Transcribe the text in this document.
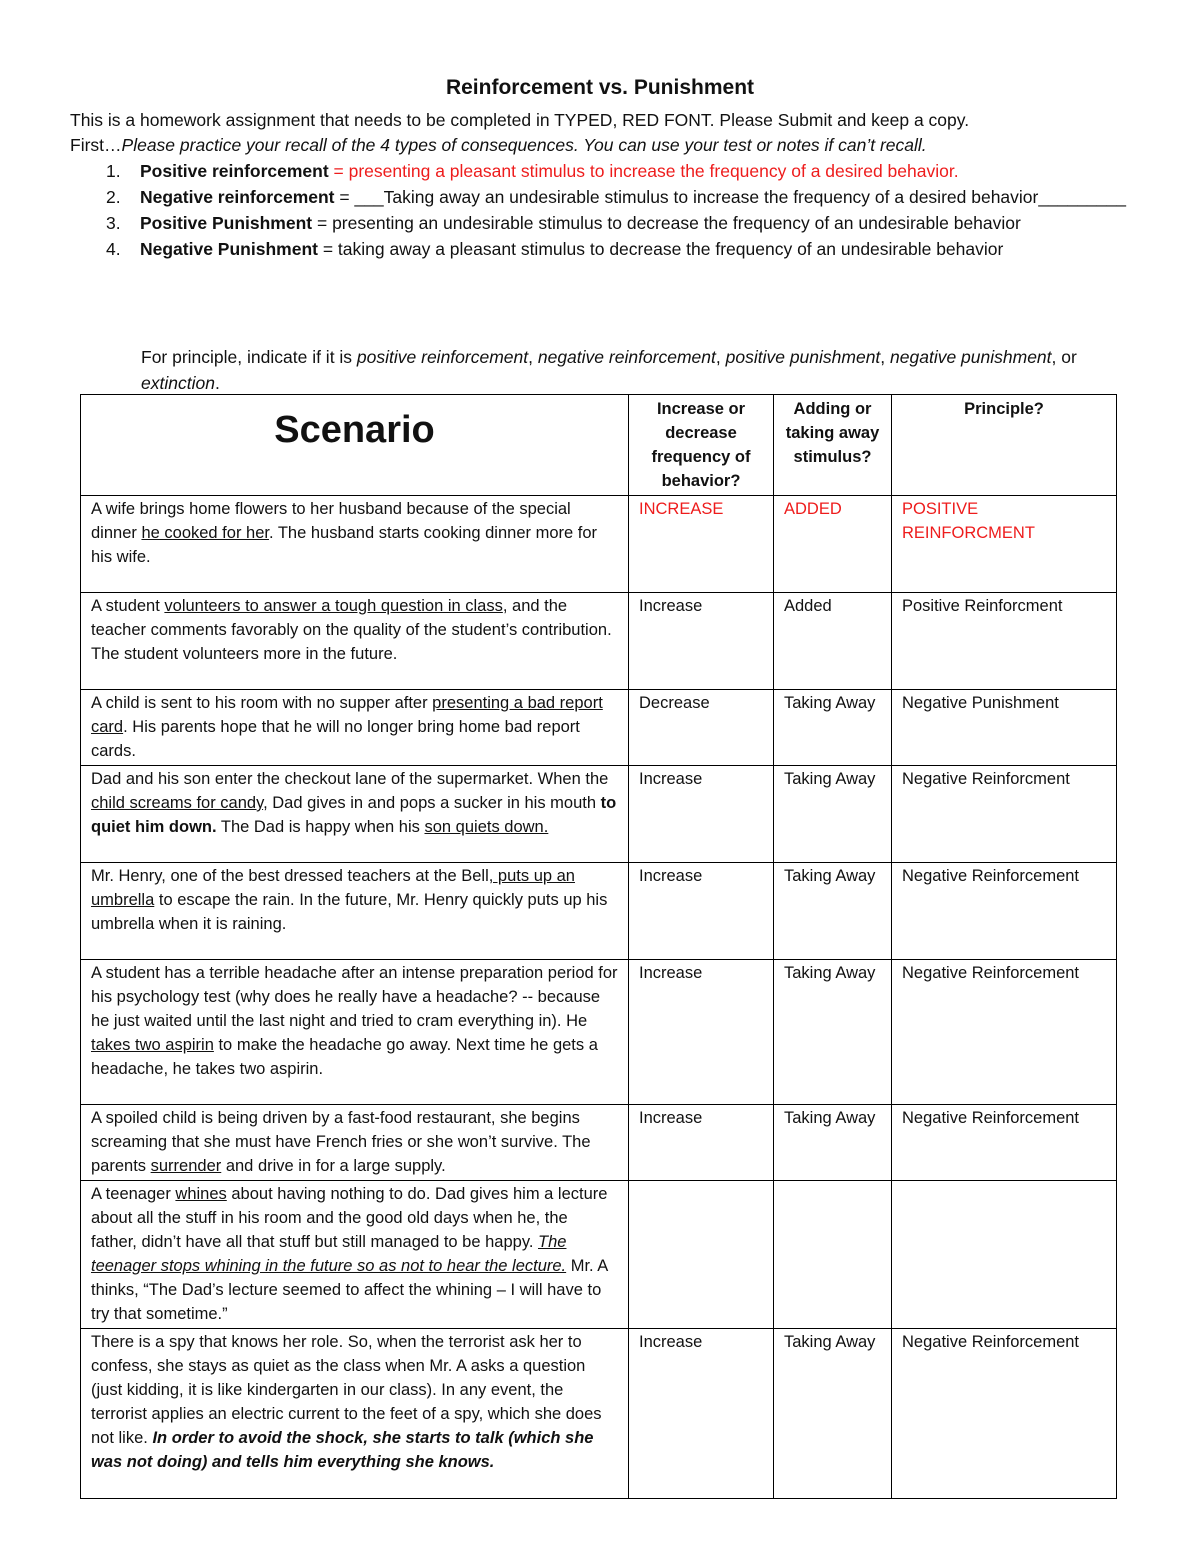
Reinforcement vs. Punishment

This is a homework assignment that needs to be completed in TYPED, RED FONT. Please Submit and keep a copy.

First…Please practice your recall of the 4 types of consequences. You can use your test or notes if can’t recall.

1. Positive reinforcement = presenting a pleasant stimulus to increase the frequency of a desired behavior.
2. Negative reinforcement = ___Taking away an undesirable stimulus to increase the frequency of a desired behavior_________
3. Positive Punishment = presenting an undesirable stimulus to decrease the frequency of an undesirable behavior
4. Negative Punishment = taking away a pleasant stimulus to decrease the frequency of an undesirable behavior

For principle, indicate if it is positive reinforcement, negative reinforcement, positive punishment, negative punishment, or extinction.

Scenario	Increase or decrease frequency of behavior?	Adding or taking away stimulus?	Principle?
A wife brings home flowers to her husband because of the special dinner he cooked for her. The husband starts cooking dinner more for his wife.	INCREASE	ADDED	POSITIVE REINFORCMENT
A student volunteers to answer a tough question in class, and the teacher comments favorably on the quality of the student’s contribution. The student volunteers more in the future.	Increase	Added	Positive Reinforcment
A child is sent to his room with no supper after presenting a bad report card. His parents hope that he will no longer bring home bad report cards.	Decrease	Taking Away	Negative Punishment
Dad and his son enter the checkout lane of the supermarket. When the child screams for candy, Dad gives in and pops a sucker in his mouth to quiet him down. The Dad is happy when his son quiets down.	Increase	Taking Away	Negative Reinforcment
Mr. Henry, one of the best dressed teachers at the Bell, puts up an umbrella to escape the rain. In the future, Mr. Henry quickly puts up his umbrella when it is raining.	Increase	Taking Away	Negative Reinforcement
A student has a terrible headache after an intense preparation period for his psychology test (why does he really have a headache? -- because he just waited until the last night and tried to cram everything in). He takes two aspirin to make the headache go away. Next time he gets a headache, he takes two aspirin.	Increase	Taking Away	Negative Reinforcement
A spoiled child is being driven by a fast-food restaurant, she begins screaming that she must have French fries or she won’t survive. The parents surrender and drive in for a large supply.	Increase	Taking Away	Negative Reinforcement
A teenager whines about having nothing to do. Dad gives him a lecture about all the stuff in his room and the good old days when he, the father, didn’t have all that stuff but still managed to be happy. The teenager stops whining in the future so as not to hear the lecture. Mr. A thinks, “The Dad’s lecture seemed to affect the whining – I will have to try that sometime.”			
There is a spy that knows her role. So, when the terrorist ask her to confess, she stays as quiet as the class when Mr. A asks a question (just kidding, it is like kindergarten in our class). In any event, the terrorist applies an electric current to the feet of a spy, which she does not like. In order to avoid the shock, she starts to talk (which she was not doing) and tells him everything she knows.	Increase	Taking Away	Negative Reinforcement
